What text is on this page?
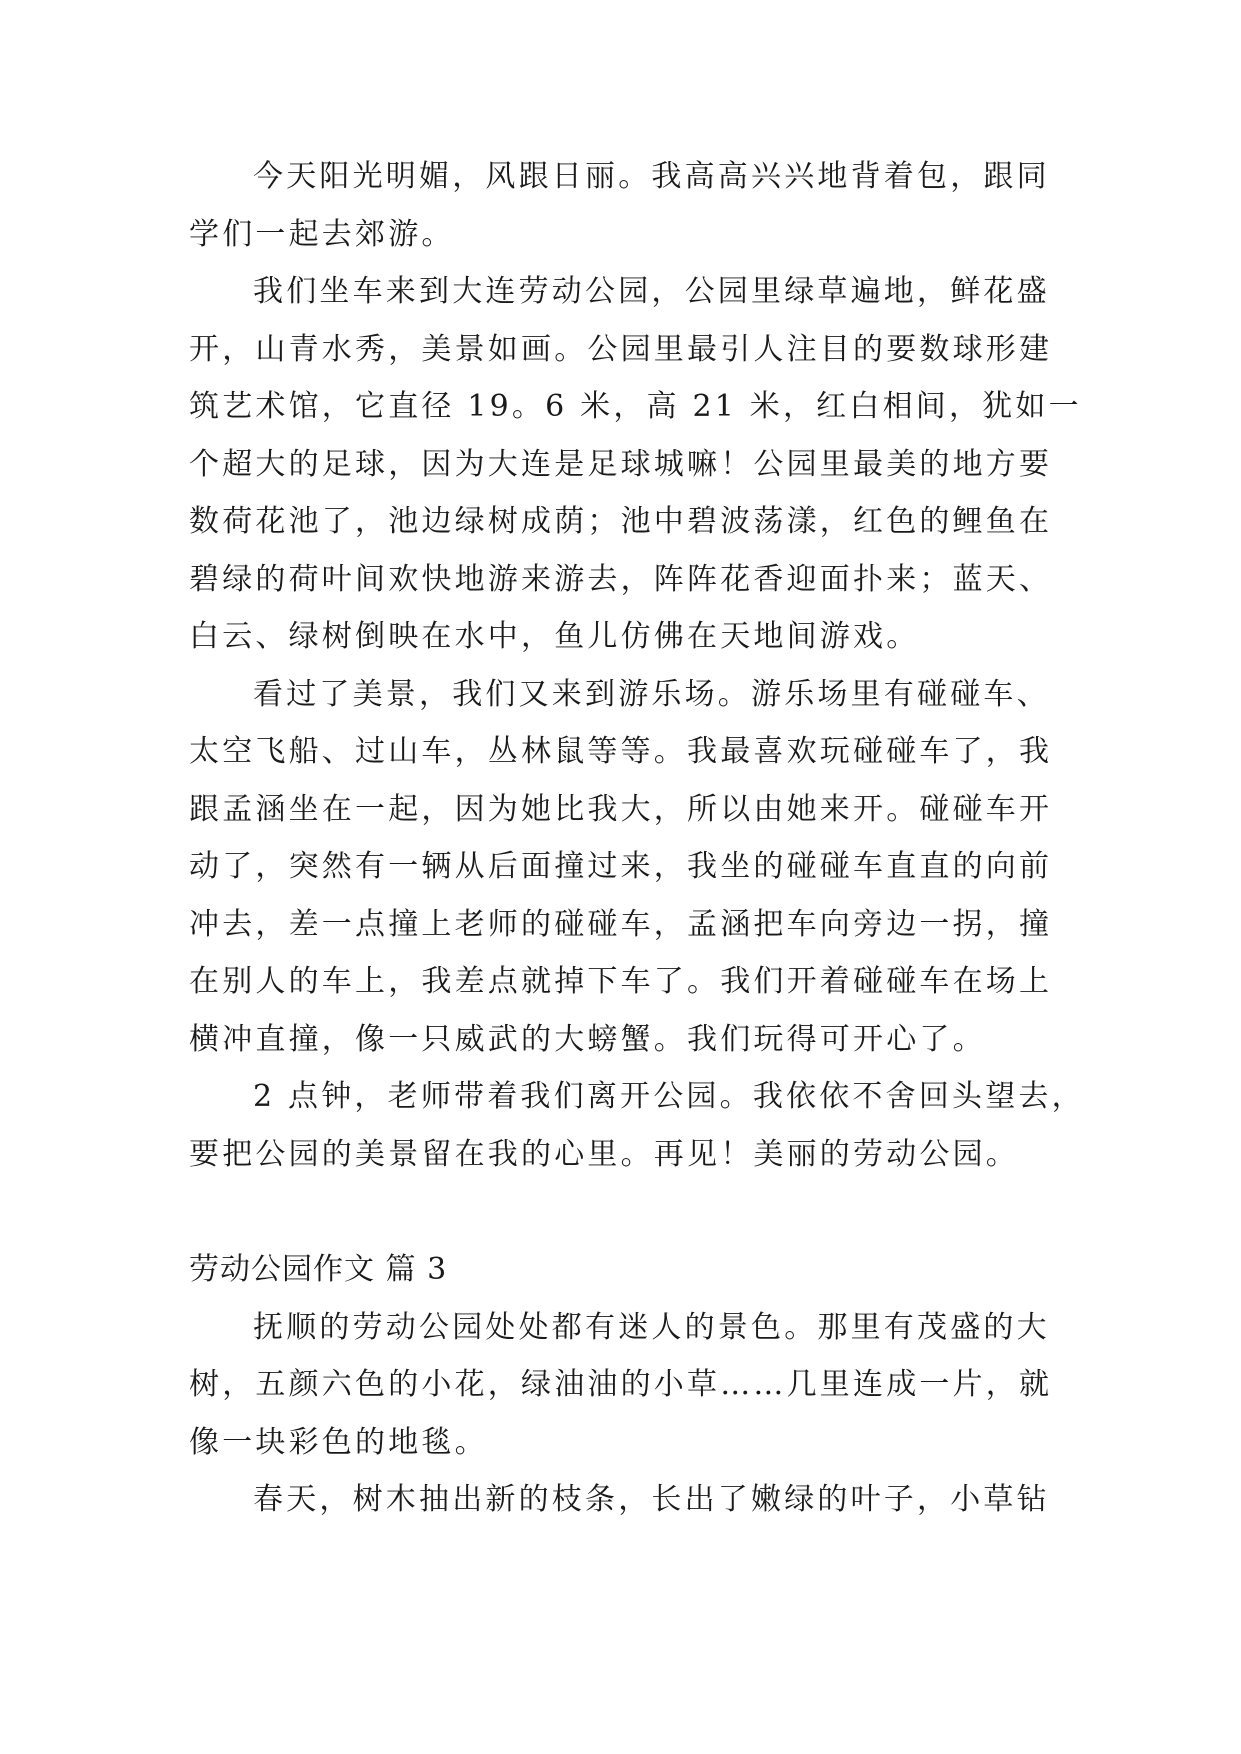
今天阳光明媚，风跟日丽。我高高兴兴地背着包，跟同
学们一起去郊游。
我们坐车来到大连劳动公园，公园里绿草遍地，鲜花盛
开，山青水秀，美景如画。公园里最引人注目的要数球形建
筑艺术馆，它直径 19。6 米，高 21 米，红白相间，犹如一
个超大的足球，因为大连是足球城嘛！公园里最美的地方要
数荷花池了，池边绿树成荫；池中碧波荡漾，红色的鲤鱼在
碧绿的荷叶间欢快地游来游去，阵阵花香迎面扑来；蓝天、
白云、绿树倒映在水中，鱼儿仿佛在天地间游戏。
看过了美景，我们又来到游乐场。游乐场里有碰碰车、
太空飞船、过山车，丛林鼠等等。我最喜欢玩碰碰车了，我
跟孟涵坐在一起，因为她比我大，所以由她来开。碰碰车开
动了，突然有一辆从后面撞过来，我坐的碰碰车直直的向前
冲去，差一点撞上老师的碰碰车，孟涵把车向旁边一拐，撞
在别人的车上，我差点就掉下车了。我们开着碰碰车在场上
横冲直撞，像一只威武的大螃蟹。我们玩得可开心了。
2 点钟，老师带着我们离开公园。我依依不舍回头望去，
要把公园的美景留在我的心里。再见！美丽的劳动公园。
劳动公园作文 篇 3
抚顺的劳动公园处处都有迷人的景色。那里有茂盛的大
树，五颜六色的小花，绿油油的小草……几里连成一片，就
像一块彩色的地毯。
春天，树木抽出新的枝条，长出了嫩绿的叶子，小草钻
